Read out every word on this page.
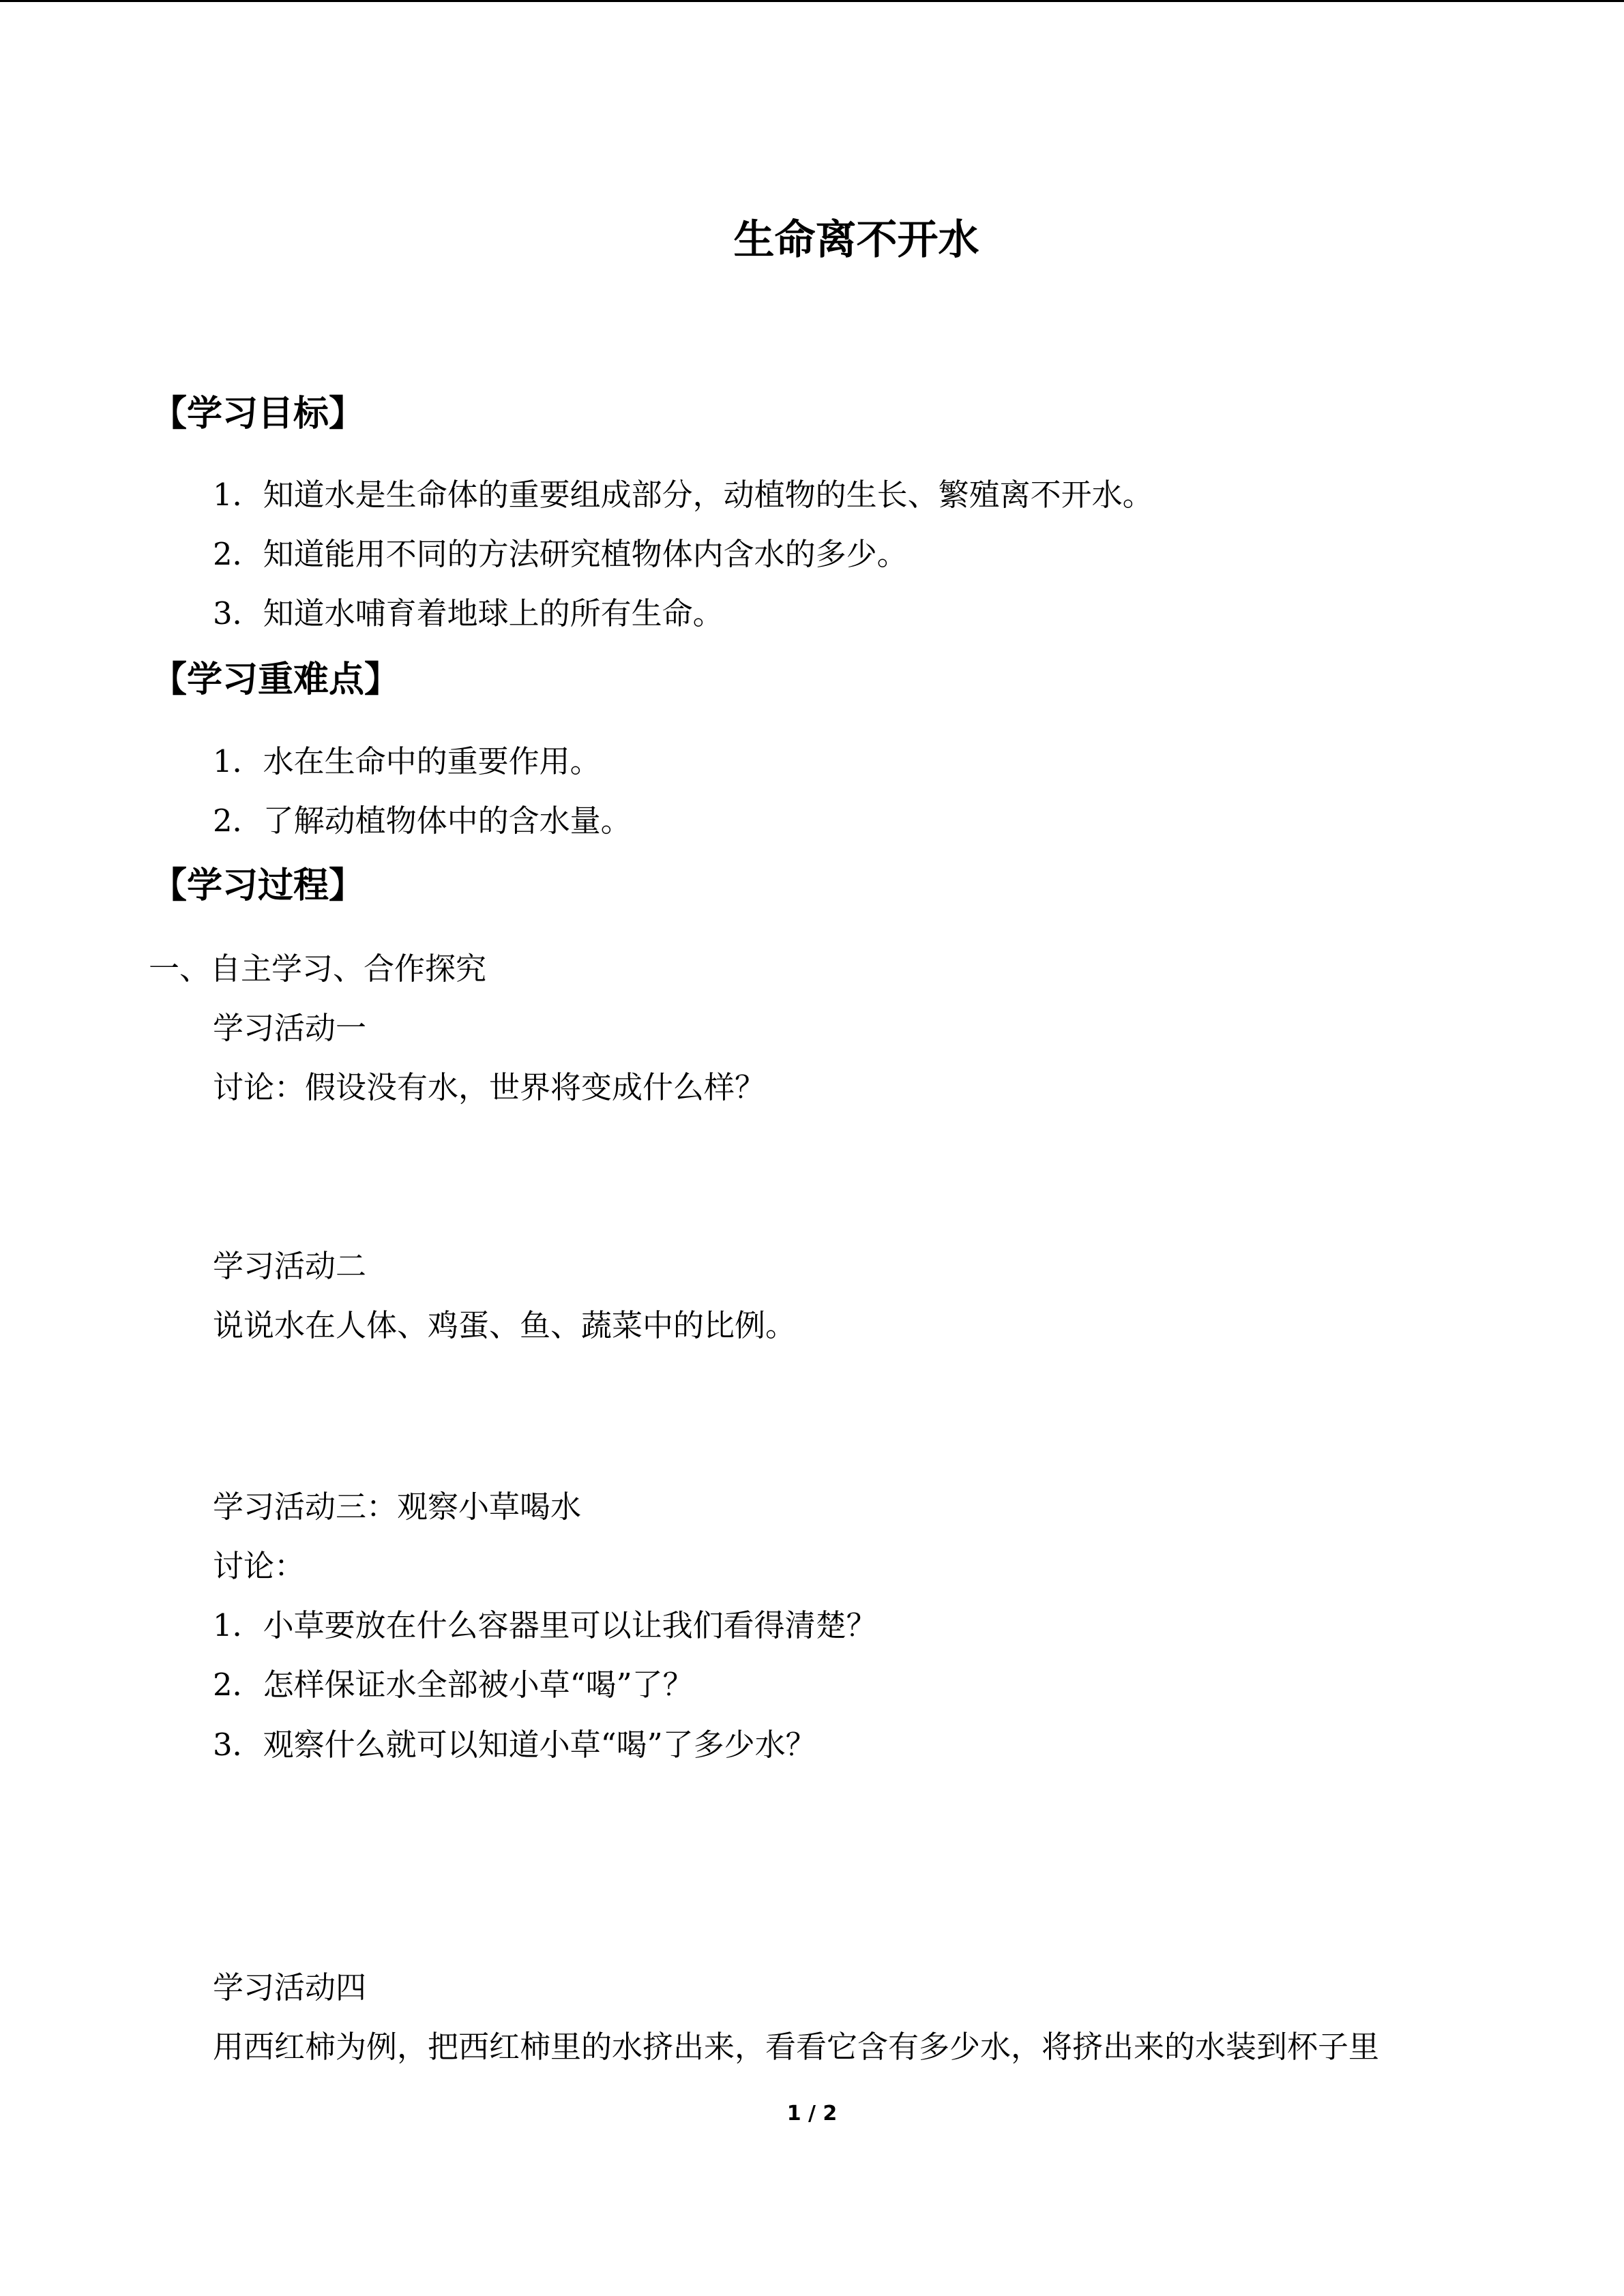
生命离不开水
【学习目标】

1．知道水是生命体的重要组成部分，动植物的生长、繁殖离不开水。

2．知道能用不同的方法研究植物体内含水的多少。

3．知道水哺育着地球上的所有生命。

【学习重难点】

1．水在生命中的重要作用。

2．了解动植物体中的含水量。

【学习过程】

一、自主学习、合作探究

学习活动一

讨论：假设没有水，世界将变成什么样？

学习活动二

说说水在人体、鸡蛋、鱼、蔬菜中的比例。

学习活动三：观察小草喝水

讨论：

1．小草要放在什么容器里可以让我们看得清楚？

2．怎样保证水全部被小草“喝”了？

3．观察什么就可以知道小草“喝”了多少水？

学习活动四

用西红柿为例，把西红柿里的水挤出来，看看它含有多少水，将挤出来的水装到杯子里

1 / 2
